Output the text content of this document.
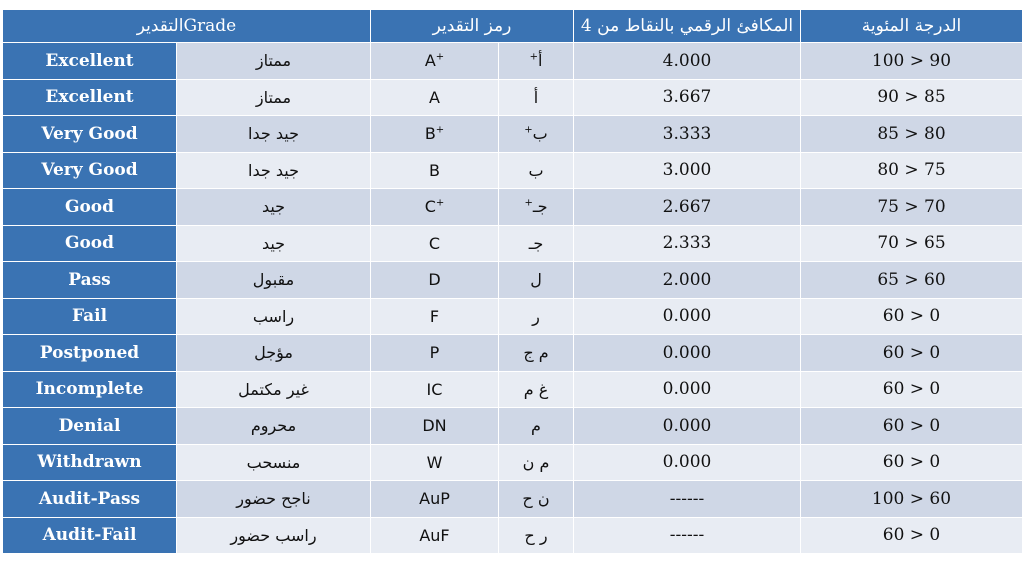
التقديرGrade		رمز التقدير		المكافئ الرقمي بالنقاط من 4	الدرجة المئوية
Excellent	ممتاز	A+	أ+	4.000	100 > 90
Excellent	ممتاز	A	أ	3.667	90 > 85
Very Good	جيد جدا	B+	ب+	3.333	85 > 80
Very Good	جيد جدا	B	ب	3.000	80 > 75
Good	جيد	C+	جـ+	2.667	75 > 70
Good	جيد	C	جـ	2.333	70 > 65
Pass	مقبول	D	ل	2.000	65 > 60
Fail	راسب	F	ر	0.000	60 > 0
Postponed	مؤجل	P	م ج	0.000	60 > 0
Incomplete	غير مكتمل	IC	غ م	0.000	60 > 0
Denial	محروم	DN	م	0.000	60 > 0
Withdrawn	منسحب	W	م ن	0.000	60 > 0
Audit-Pass	ناجح حضور	AuP	ن ح	------	100 > 60
Audit-Fail	راسب حضور	AuF	ر ح	------	60 > 0
